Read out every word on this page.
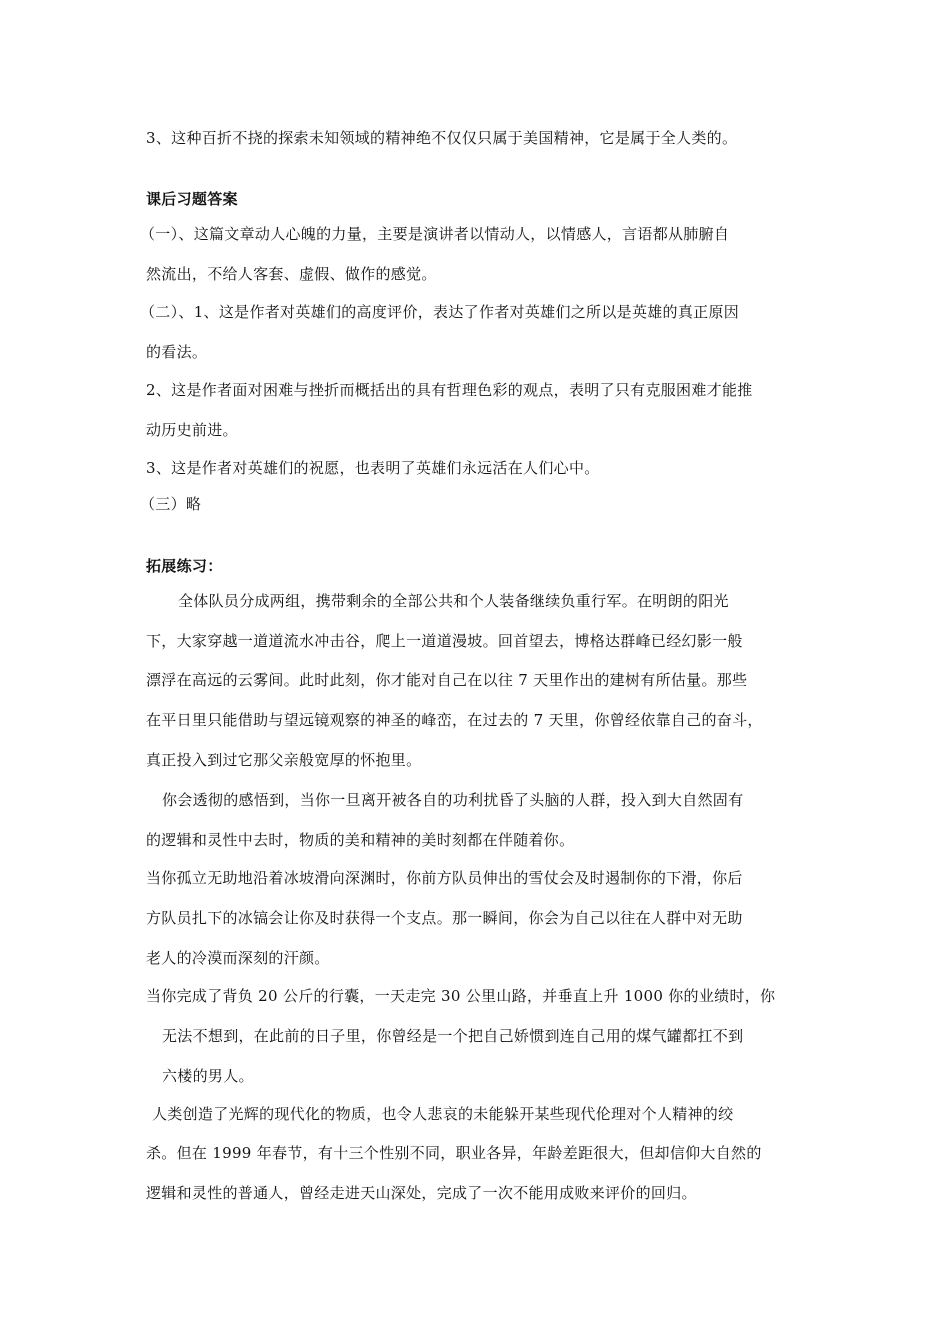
3、这种百折不挠的探索未知领域的精神绝不仅仅只属于美国精神，它是属于全人类的。
课后习题答案
（一）、这篇文章动人心魄的力量，主要是演讲者以情动人，以情感人，言语都从肺腑自
然流出，不给人客套、虚假、做作的感觉。
（二）、1、这是作者对英雄们的高度评价，表达了作者对英雄们之所以是英雄的真正原因
的看法。
2、这是作者面对困难与挫折而概括出的具有哲理色彩的观点，表明了只有克服困难才能推
动历史前进。
3、这是作者对英雄们的祝愿，也表明了英雄们永远活在人们心中。
（三）略
拓展练习：
全体队员分成两组，携带剩余的全部公共和个人装备继续负重行军。在明朗的阳光
下，大家穿越一道道流水冲击谷，爬上一道道漫坡。回首望去，博格达群峰已经幻影一般
漂浮在高远的云雾间。此时此刻，你才能对自己在以往 7 天里作出的建树有所估量。那些
在平日里只能借助与望远镜观察的神圣的峰峦，在过去的 7 天里，你曾经依靠自己的奋斗，
真正投入到过它那父亲般宽厚的怀抱里。
你会透彻的感悟到，当你一旦离开被各自的功利扰昏了头脑的人群，投入到大自然固有
的逻辑和灵性中去时，物质的美和精神的美时刻都在伴随着你。
当你孤立无助地沿着冰坡滑向深渊时，你前方队员伸出的雪仗会及时遏制你的下滑，你后
方队员扎下的冰镐会让你及时获得一个支点。那一瞬间，你会为自己以往在人群中对无助
老人的冷漠而深刻的汗颜。
当你完成了背负 20 公斤的行囊，一天走完 30 公里山路，并垂直上升 1000 你的业绩时，你
无法不想到，在此前的日子里，你曾经是一个把自己娇惯到连自己用的煤气罐都扛不到
六楼的男人。
人类创造了光辉的现代化的物质，也令人悲哀的未能躲开某些现代伦理对个人精神的绞
杀。但在 1999 年春节，有十三个性别不同，职业各异，年龄差距很大，但却信仰大自然的
逻辑和灵性的普通人，曾经走进天山深处，完成了一次不能用成败来评价的回归。
